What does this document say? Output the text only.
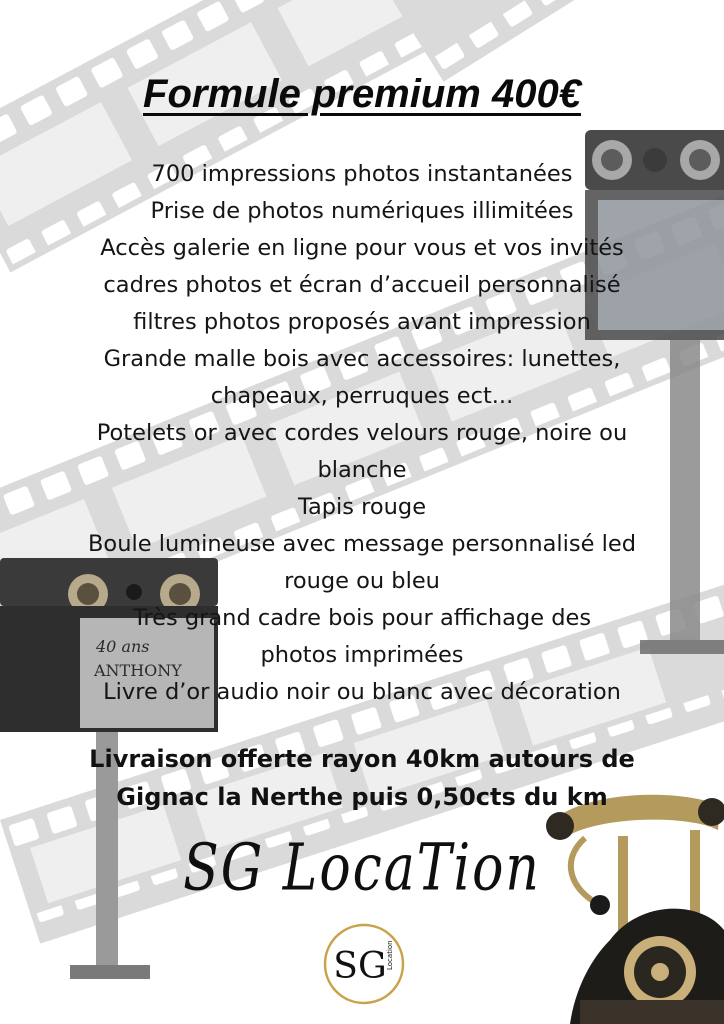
40 ans
ANTHONY
Formule premium 400€
700 impressions photos instantanées
Prise de photos numériques illimitées
Accès galerie en ligne pour vous et vos invités
cadres photos et écran d’accueil personnalisé
filtres photos proposés avant impression
Grande malle bois avec accessoires: lunettes,
chapeaux, perruques ect...
Potelets or avec cordes velours rouge, noire ou
blanche
Tapis rouge
Boule lumineuse avec message personnalisé led
rouge ou bleu
Très grand cadre bois pour affichage des
photos imprimées
Livre d’or audio noir ou blanc avec décoration
Livraison offerte rayon 40km autours de
Gignac la Nerthe puis 0,50cts du km
SG LocaTion
SG Location
